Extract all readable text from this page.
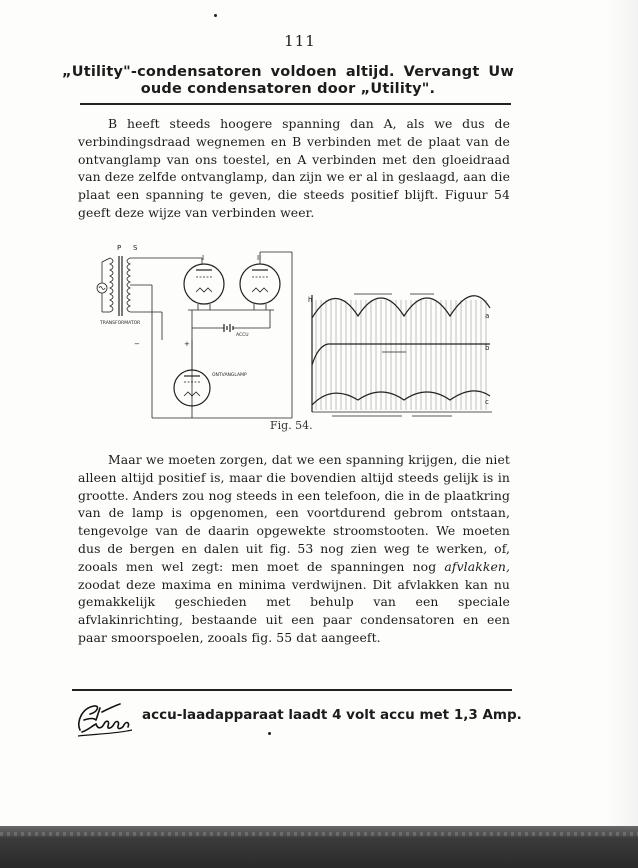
111
„Utility"-condensatoren voldoen altijd. Vervangt Uw
oude condensatoren door „Utility".
B heeft steeds hoogere spanning dan A, als we dus de verbindingsdraad wegnemen en B verbinden met de plaat van de ontvanglamp van ons toestel, en A verbinden met den gloeidraad van deze zelfde ontvanglamp, dan zijn we er al in geslaagd, aan die plaat een spanning te geven, die steeds positief blijft. Figuur 54 geeft deze wijze van verbinden weer.
P S
TRANSFORMATOR
I	II
ACCU
+
−
ONTVANGLAMP
h
a
b
c
Fig. 54.
Maar we moeten zorgen, dat we een spanning krijgen, die niet alleen altijd positief is, maar die bovendien altijd steeds gelijk is in grootte. Anders zou nog steeds in een telefoon, die in de plaatkring van de lamp is opgenomen, een voortdurend gebrom ontstaan, tengevolge van de daarin opgewekte stroomstooten. We moeten dus de bergen en dalen uit fig. 53 nog zien weg te werken, of, zooals men wel zegt: men moet de spanningen nog afvlakken, zoodat deze maxima en minima verdwijnen. Dit afvlakken kan nu gemakkelijk geschieden met behulp van een speciale afvlakinrichting, bestaande uit een paar condensatoren en een paar smoorspoelen, zooals fig. 55 dat aangeeft.
accu-laadapparaat laadt 4 volt accu met 1,3 Amp.
